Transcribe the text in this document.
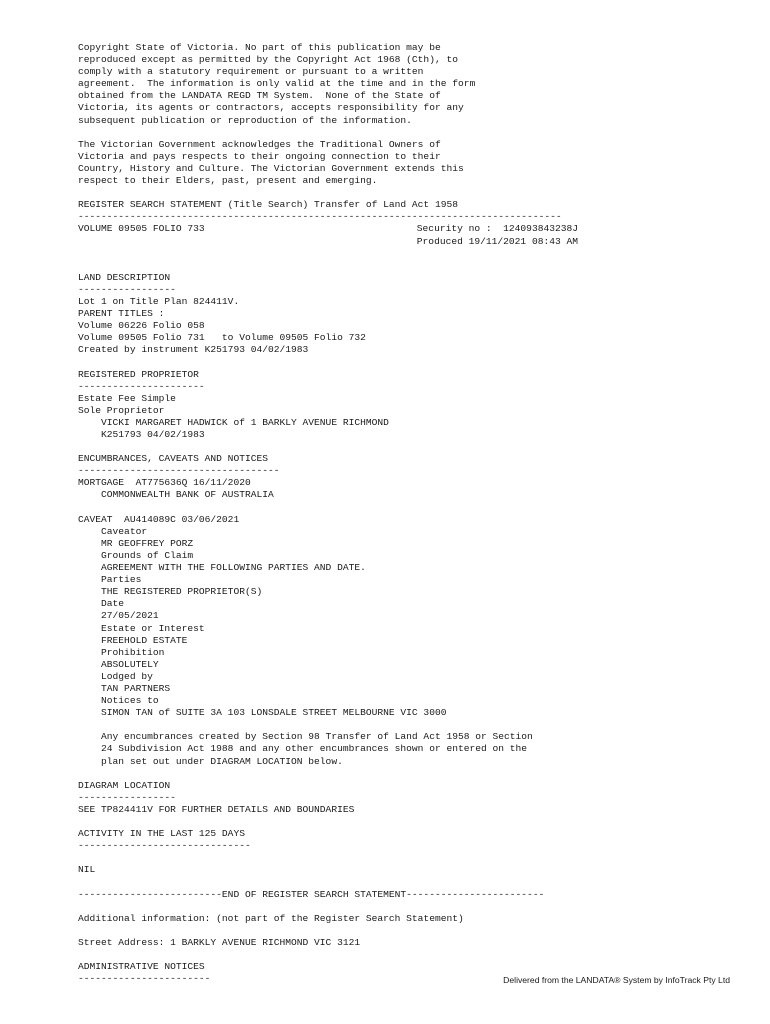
Copyright State of Victoria. No part of this publication may be
reproduced except as permitted by the Copyright Act 1968 (Cth), to
comply with a statutory requirement or pursuant to a written
agreement.  The information is only valid at the time and in the form
obtained from the LANDATA REGD TM System.  None of the State of
Victoria, its agents or contractors, accepts responsibility for any
subsequent publication or reproduction of the information.
The Victorian Government acknowledges the Traditional Owners of
Victoria and pays respects to their ongoing connection to their
Country, History and Culture. The Victorian Government extends this
respect to their Elders, past, present and emerging.
REGISTER SEARCH STATEMENT (Title Search) Transfer of Land Act 1958
------------------------------------------------------------------------------------
VOLUME 09505 FOLIO 733	Security no :  124093843238J

Produced 19/11/2021 08:43 AM
LAND DESCRIPTION
-----------------
Lot 1 on Title Plan 824411V.
PARENT TITLES :
Volume 06226 Folio 058
Volume 09505 Folio 731   to Volume 09505 Folio 732
Created by instrument K251793 04/02/1983
REGISTERED PROPRIETOR
----------------------
Estate Fee Simple
Sole Proprietor
VICKI MARGARET HADWICK of 1 BARKLY AVENUE RICHMOND
K251793 04/02/1983
ENCUMBRANCES, CAVEATS AND NOTICES
-----------------------------------
MORTGAGE  AT775636Q 16/11/2020
COMMONWEALTH BANK OF AUSTRALIA
CAVEAT  AU414089C 03/06/2021
Caveator
MR GEOFFREY PORZ
Grounds of Claim
AGREEMENT WITH THE FOLLOWING PARTIES AND DATE.
Parties
THE REGISTERED PROPRIETOR(S)
Date
27/05/2021
Estate or Interest
FREEHOLD ESTATE
Prohibition
ABSOLUTELY
Lodged by
TAN PARTNERS
Notices to
SIMON TAN of SUITE 3A 103 LONSDALE STREET MELBOURNE VIC 3000
Any encumbrances created by Section 98 Transfer of Land Act 1958 or Section
24 Subdivision Act 1988 and any other encumbrances shown or entered on the
plan set out under DIAGRAM LOCATION below.
DIAGRAM LOCATION
-----------------
SEE TP824411V FOR FURTHER DETAILS AND BOUNDARIES
ACTIVITY IN THE LAST 125 DAYS
------------------------------
NIL
-------------------------END OF REGISTER SEARCH STATEMENT------------------------
Additional information: (not part of the Register Search Statement)
Street Address: 1 BARKLY AVENUE RICHMOND VIC 3121
ADMINISTRATIVE NOTICES
-----------------------	Delivered from the LANDATA® System by InfoTrack Pty Ltd
